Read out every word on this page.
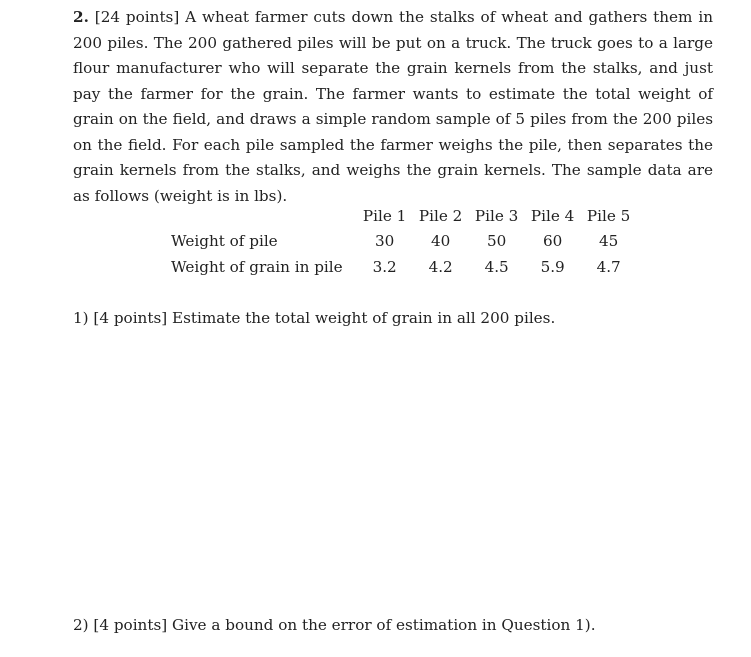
2. [24 points] A wheat farmer cuts down the stalks of wheat and gathers them in 200 piles. The 200 gathered piles will be put on a truck. The truck goes to a large flour manufacturer who will separate the grain kernels from the stalks, and just pay the farmer for the grain. The farmer wants to estimate the total weight of grain on the field, and draws a simple random sample of 5 piles from the 200 piles on the field. For each pile sampled the farmer weighs the pile, then separates the grain kernels from the stalks, and weighs the grain kernels. The sample data are as follows (weight is in lbs).

	Pile 1	Pile 2	Pile 3	Pile 4	Pile 5
Weight of pile	30	40	50	60	45
Weight of grain in pile	3.2	4.2	4.5	5.9	4.7

1) [4 points] Estimate the total weight of grain in all 200 piles.

2) [4 points] Give a bound on the error of estimation in Question 1).
